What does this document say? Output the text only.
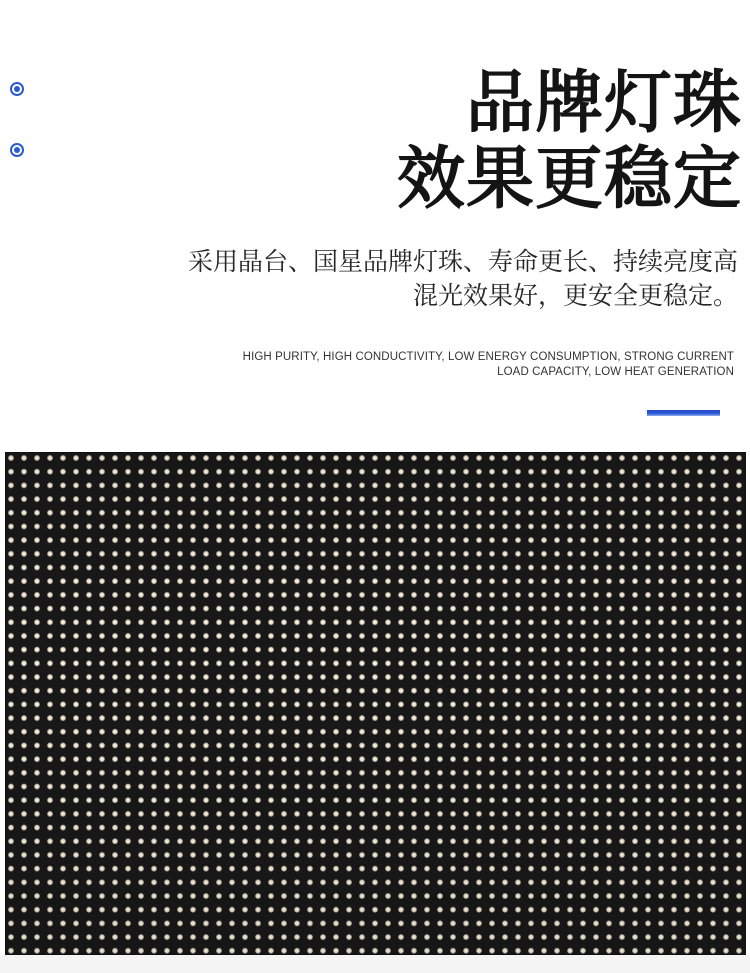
品牌灯珠
效果更稳定
采用晶台、国星品牌灯珠、寿命更长、持续亮度高
混光效果好，更安全更稳定。
HIGH PURITY, HIGH CONDUCTIVITY, LOW ENERGY CONSUMPTION, STRONG CURRENT
LOAD CAPACITY, LOW HEAT GENERATION
